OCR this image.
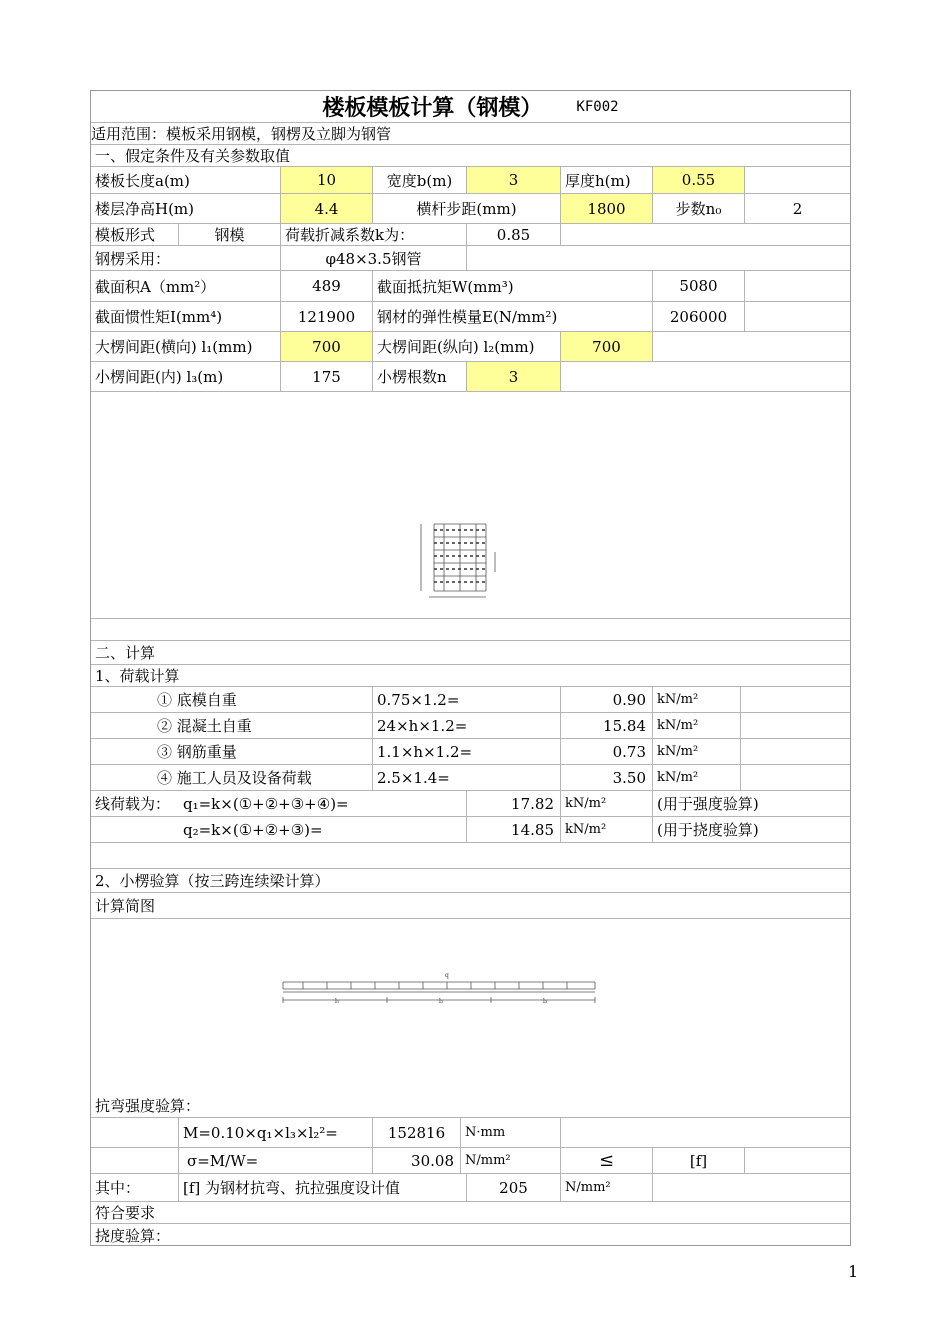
楼板模板计算（钢模） KF002
适用范围：模板采用钢模，钢楞及立脚为钢管
一、假定条件及有关参数取值
楼板长度a(m)	10	宽度b(m)	3	厚度h(m)	0.55
楼层净高H(m)	4.4	横杆步距(mm)	1800	步数n₀	2
模板形式	钢模	荷载折减系数k为：	0.85
钢楞采用：	φ48×3.5钢管
截面积A（mm²）	489	截面抵抗矩W(mm³)	5080
截面惯性矩I(mm⁴)	121900	钢材的弹性模量E(N/mm²)	206000
大楞间距(横向) l₁(mm)	700	大楞间距(纵向) l₂(mm)	700
小楞间距(内) l₃(m)	175	小楞根数n	3
二、计算
1、荷载计算
① 底模自重	0.75×1.2=	0.90 kN/m²
② 混凝土自重	24×h×1.2=	15.84 kN/m²
③ 钢筋重量	1.1×h×1.2=	0.73 kN/m²
④ 施工人员及设备荷载	2.5×1.4=	3.50 kN/m²
线荷载为： q₁=k×(①+②+③+④)=	17.82 kN/m²	(用于强度验算)
q₂=k×(①+②+③)=	14.85 kN/m²	(用于挠度验算)
2、小楞验算（按三跨连续梁计算）
计算简图
q
l₁	l₂	l₃
抗弯强度验算：
M=0.10×q₁×l₃×l₂²=	152816	N·mm
σ=M/W=	30.08 N/mm²	≤	[f]
其中：	[f] 为钢材抗弯、抗拉强度设计值	205	N/mm²
符合要求
挠度验算：
1
